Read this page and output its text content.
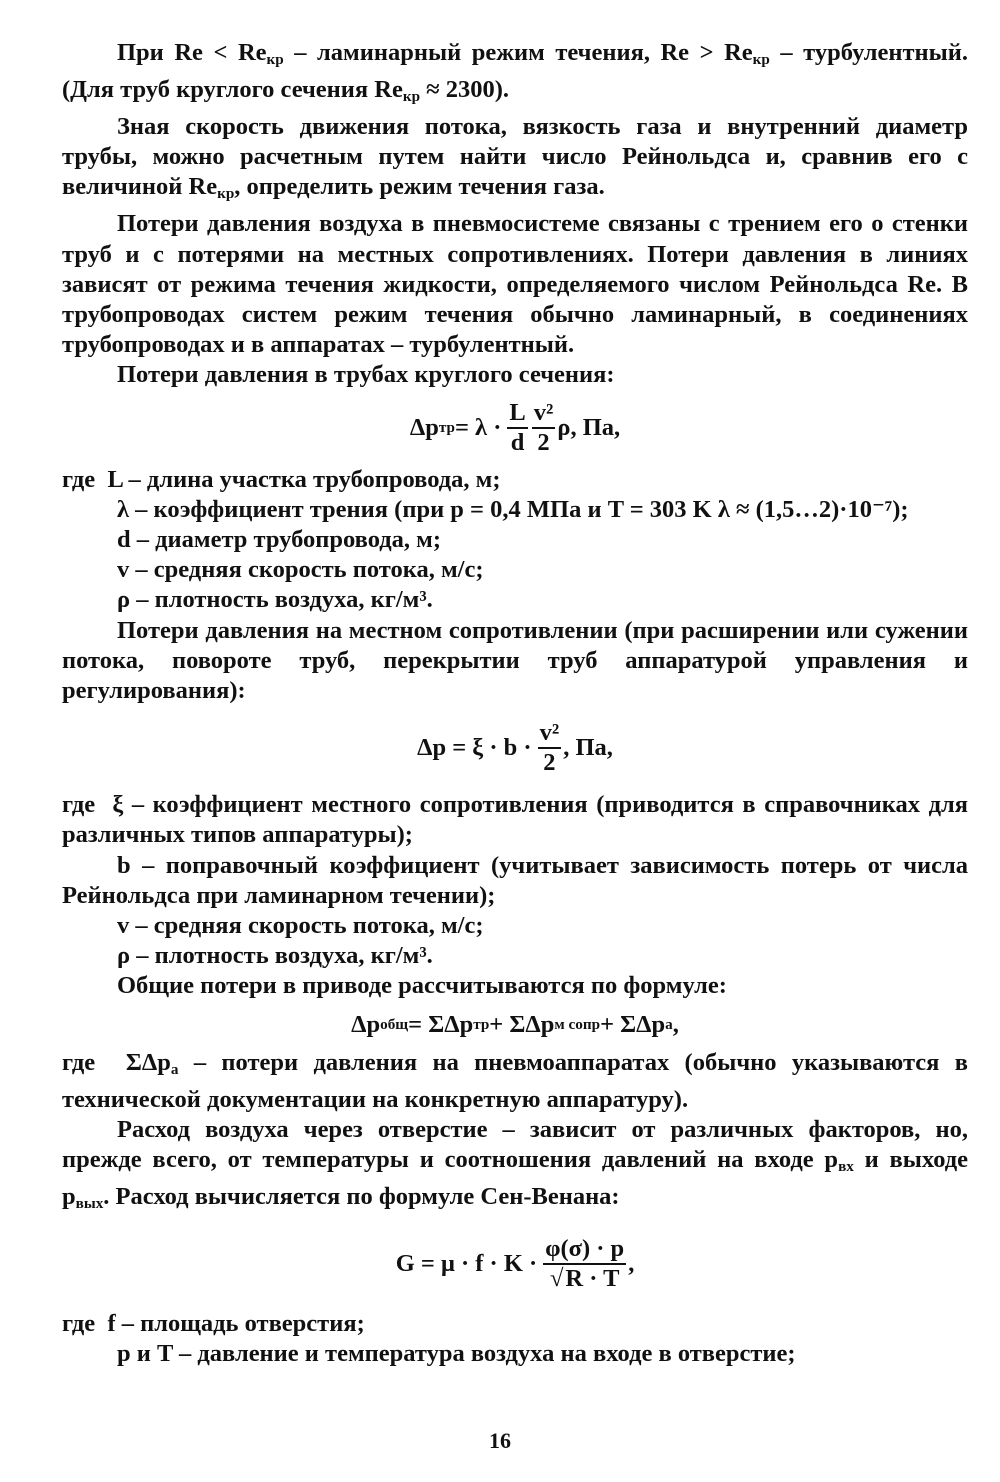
При $Re < Re_{кр}$ – ламинарный режим течения, $Re > Re_{кр}$ – турбулентный. (Для труб круглого сечения $Re_{кр} \approx 2300$).

Зная скорость движения потока, вязкость газа и внутренний диаметр трубы, можно расчетным путем найти число Рейнольдса и, сравнив его с величиной $Re_{кр}$, определить режим течения газа.

Потери давления воздуха в пневмосистеме связаны с трением его о стенки труб и с потерями на местных сопротивлениях. Потери давления в линиях зависят от режима течения жидкости, определяемого числом Рейнольдса Re. В трубопроводах систем режим течения обычно ламинарный, в соединениях трубопроводах и в аппаратах – турбулентный.

Потери давления в трубах круглого сечения:

Δp тр = $\lambda \cdot \frac{L}{d} \frac{\text{v²}}{2} \rho$, Па,

где L – длина участка трубопровода, м;

λ – коэффициент трения (при p = 0,4 МПа и T = 303 K λ ≈ (1,5…2)·10⁻⁷);

d – диаметр трубопровода, м;

v – средняя скорость потока, м/с;

ρ – плотность воздуха, кг/м³.

Потери давления на местном сопротивлении (при расширении или сужении потока, повороте труб, перекрытии труб аппаратурой управления и регулирования):

$\Delta p = \xi \cdot b \cdot \frac{\text{v²}}{2}$ , Па,

где ξ – коэффициент местного сопротивления (приводится в справочниках для различных типов аппаратуры);

b – поправочный коэффициент (учитывает зависимость потерь от числа Рейнольдса при ламинарном течении);

v – средняя скорость потока, м/с;

ρ – плотность воздуха, кг/м³.

Общие потери в приводе рассчитываются по формуле:

Δp общ = ΣΔp тр + ΣΔp м сопр + ΣΔp а ,

где ΣΔp$_а$ – потери давления на пневмоаппаратах (обычно указываются в технической документации на конкретную аппаратуру).

Расход воздуха через отверстие – зависит от различных факторов, но, прежде всего, от температуры и соотношения давлений на входе $p_{вх}$ и выходе $p_{вых}$. Расход вычисляется по формуле Сен-Венана:

$G = \mu \cdot f \cdot K \cdot \frac{\varphi(\sigma) \cdot p}{√R \cdot T}$ ,

где f – площадь отверстия;

p и T – давление и температура воздуха на входе в отверстие;

16
